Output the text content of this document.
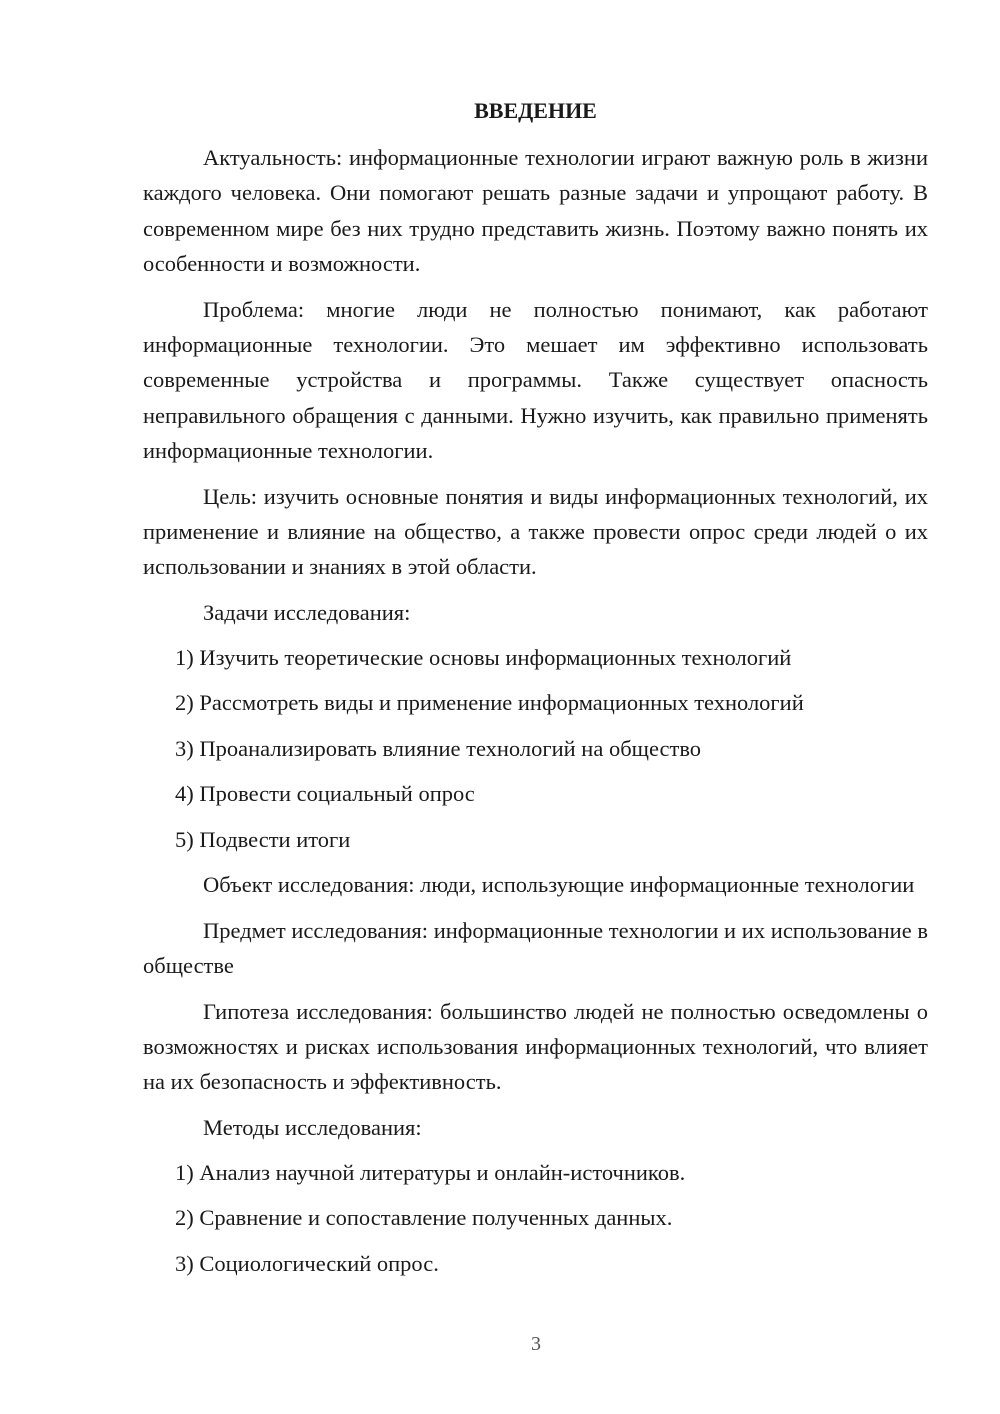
ВВЕДЕНИЕ

Актуальность: информационные технологии играют важную роль в жизни каждого человека. Они помогают решать разные задачи и упрощают работу. В современном мире без них трудно представить жизнь. Поэтому важно понять их особенности и возможности.

Проблема: многие люди не полностью понимают, как работают информационные технологии. Это мешает им эффективно использовать современные устройства и программы. Также существует опасность неправильного обращения с данными. Нужно изучить, как правильно применять информационные технологии.

Цель: изучить основные понятия и виды информационных технологий, их применение и влияние на общество, а также провести опрос среди людей о их использовании и знаниях в этой области.

Задачи исследования:

1) Изучить теоретические основы информационных технологий
2) Рассмотреть виды и применение информационных технологий
3) Проанализировать влияние технологий на общество
4) Провести социальный опрос
5) Подвести итоги

Объект исследования: люди, использующие информационные технологии

Предмет исследования: информационные технологии и их использование в обществе

Гипотеза исследования: большинство людей не полностью осведомлены о возможностях и рисках использования информационных технологий, что влияет на их безопасность и эффективность.

Методы исследования:

1) Анализ научной литературы и онлайн-источников.
2) Сравнение и сопоставление полученных данных.
3) Социологический опрос.
3
